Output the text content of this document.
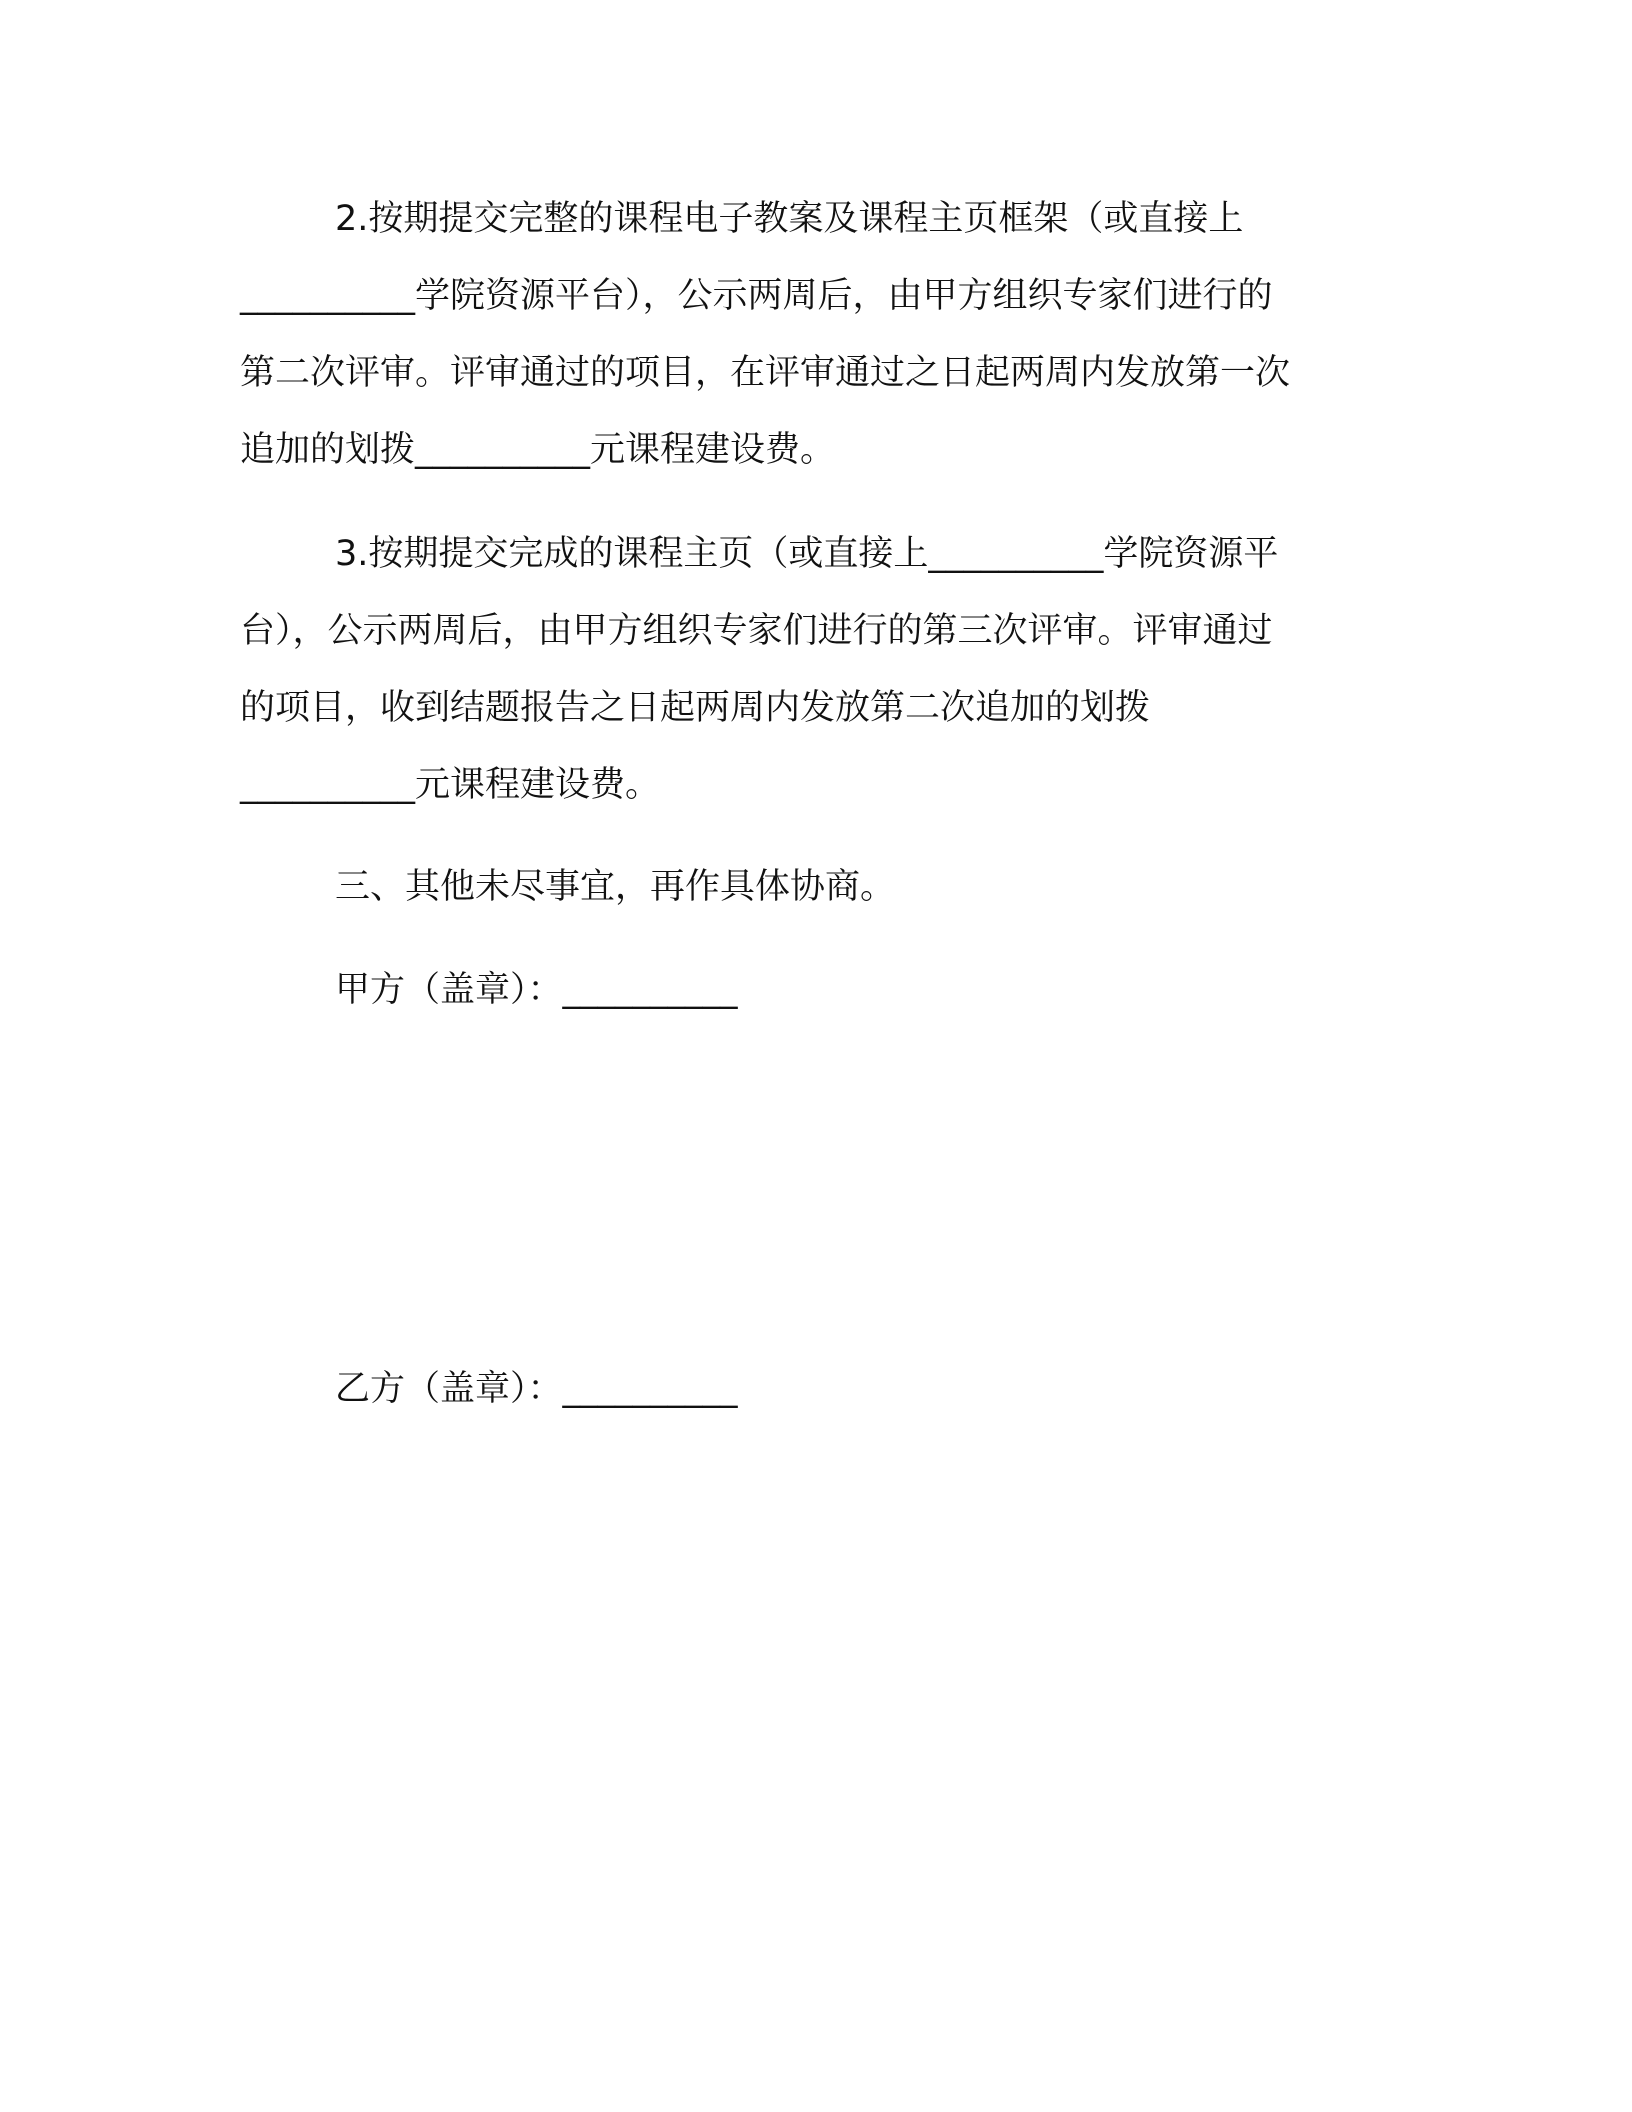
2.按期提交完整的课程电子教案及课程主页框架（或直接上
__________学院资源平台），公示两周后，由甲方组织专家们进行的
第二次评审。评审通过的项目，在评审通过之日起两周内发放第一次
追加的划拨__________元课程建设费。
3.按期提交完成的课程主页（或直接上__________学院资源平
台），公示两周后，由甲方组织专家们进行的第三次评审。评审通过
的项目，收到结题报告之日起两周内发放第二次追加的划拨
__________元课程建设费。
三、其他未尽事宜，再作具体协商。
甲方（盖章）：__________
乙方（盖章）：__________
